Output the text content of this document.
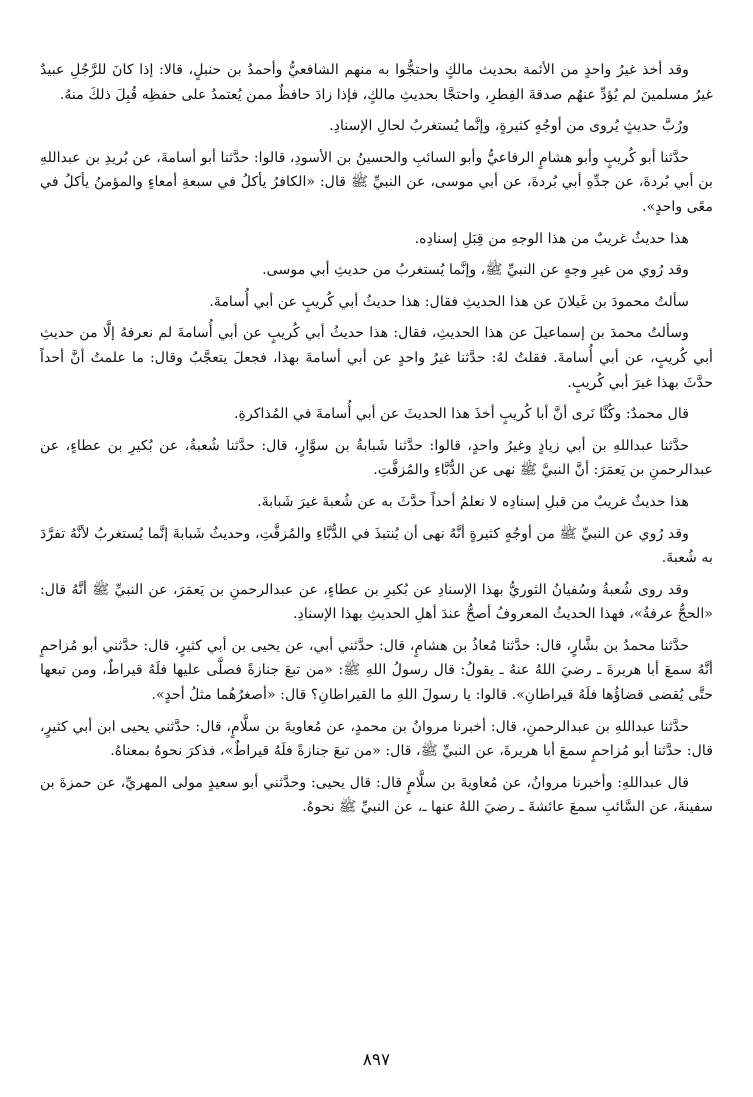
وقد أخذ غيرُ واحدٍ من الأئمة بحديث مالكٍ واحتجُّوا به منهم الشافعيُّ وأحمدُ بن حنبلٍ، قالا: إذا كانَ للرَّجُلِ عبيدٌ غيرُ مسلمينَ لم يُؤدِّ عنهُم صدقةَ الفِطرِ، واحتجَّا بحديثِ مالكٍ، فإذا زادَ حافظٌ ممن يُعتمدُ على حفظِه قُبِلَ ذلكَ منهُ.

ورُبَّ حديثٍ يُروى من أوجُهٍ كثيرةٍ، وإنَّما يُستغربُ لحالِ الإسنادِ.

حدَّثنا أبو كُريبٍ وأبو هشامٍ الرفاعيُّ وأبو السائبِ والحسينُ بن الأسودِ، قالوا: حدَّثنا أبو أسامةَ، عن بُريدِ بن عبداللهِ بن أبي بُردةَ، عن جدِّهِ أبي بُردةَ، عن أبي موسى، عن النبيِّ ﷺ قال: «الكافرُ يأكلُ في سبعةِ أمعاءٍ والمؤمنُ يأكلُ في معًى واحدٍ».

هذا حديثٌ غريبٌ من هذا الوجهِ من قِبَلِ إسنادِه.

وقد رُوي من غيرِ وجهٍ عن النبيِّ ﷺ، وإنَّما يُستغربُ من حديثِ أبي موسى.

سألتُ محمودَ بن غَيلانَ عن هذا الحديثِ فقال: هذا حديثُ أبي كُريبٍ عن أبي أُسامةَ.

وسألتُ محمدَ بن إسماعيلَ عن هذا الحديثِ، فقال: هذا حديثُ أبي كُريبٍ عن أبي أُسامةَ لم نعرفهُ إلَّا من حديثِ أبي كُريبٍ، عن أبي أُسامةَ. فقلتُ لهُ: حدَّثنا غيرُ واحدٍ عن أبي أسامةَ بهذا، فجعلَ يتعجَّبُ وقال: ما علمتُ أنَّ أحداً حدَّثَ بهذا غيرَ أبي كُريبٍ.

قال محمدٌ: وكُنَّا نَرى أنَّ أبا كُريبٍ أخذَ هذا الحديثَ عن أبي أُسامةَ في المُذاكرةِ.

حدَّثنا عبداللهِ بن أبي زيادٍ وغيرُ واحدٍ، قالوا: حدَّثنا شَبابةُ بن سوَّارٍ، قال: حدَّثنا شُعبةُ، عن بُكيرِ بن عطاءٍ، عن عبدالرحمنِ بن يَعمَرَ: أنَّ النبيَّ ﷺ نهى عن الدُّبَّاءِ والمُزفَّتِ.

هذا حديثٌ غريبٌ من قبلِ إسنادِه لا نعلمُ أحداً حدَّثَ به عن شُعبةَ غيرَ شَبابةَ.

وقد رُوي عن النبيِّ ﷺ من أوجُهٍ كثيرةٍ أنَّهُ نهى أن يُنتبذَ في الدُّبَّاءِ والمُزفَّتِ، وحديثُ شَبابةَ إنَّما يُستغربُ لأنَّهُ تفرَّدَ به شُعبةَ.

وقد روى شُعبةُ وسُفيانُ الثوريُّ بهذا الإسنادِ عن بُكيرِ بن عطاءٍ، عن عبدالرحمنِ بن يَعمَرَ، عن النبيِّ ﷺ أنَّهُ قال: «الحجُّ عرفةُ»، فهذا الحديثُ المعروفُ أصحُّ عندَ أهلِ الحديثِ بهذا الإسنادِ.

حدَّثنا محمدُ بن بشَّارٍ، قال: حدَّثنا مُعاذُ بن هشامٍ، قال: حدَّثني أبي، عن يحيى بن أبي كثيرٍ، قال: حدَّثني أبو مُزاحمٍ أنَّهُ سمعَ أبا هريرةَ ـ رضيَ اللهُ عنهُ ـ يقولُ: قال رسولُ اللهِ ﷺ: «من تبعَ جنازةً فصلَّى عليها فلَهُ قيراطٌ، ومن تبعها حتَّى يُقضى قضاؤُها فلَهُ قيراطانِ». قالوا: يا رسولَ اللهِ ما القيراطانِ؟ قال: «أصغرُهُما مثلُ أحدٍ».

حدَّثنا عبداللهِ بن عبدالرحمنِ، قال: أخبرنا مروانُ بن محمدٍ، عن مُعاويةَ بن سلَّامٍ، قال: حدَّثني يحيى ابن أبي كثيرٍ، قال: حدَّثنا أبو مُزاحمٍ سمعَ أبا هريرةَ، عن النبيِّ ﷺ، قال: «من تبعَ جنازةً فلَهُ قيراطٌ»، فذكرَ نحوهُ بمعناهُ.

قال عبداللهِ: وأخبرنا مروانُ، عن مُعاويةَ بن سلَّامٍ قال: قال يحيى: وحدَّثني أبو سعيدٍ مولى المهريِّ، عن حمزةَ بن سفينةَ، عن السَّائبِ سمعَ عائشةَ ـ رضيَ اللهُ عنها ـ، عن النبيِّ ﷺ نحوهُ.

٨٩٧
